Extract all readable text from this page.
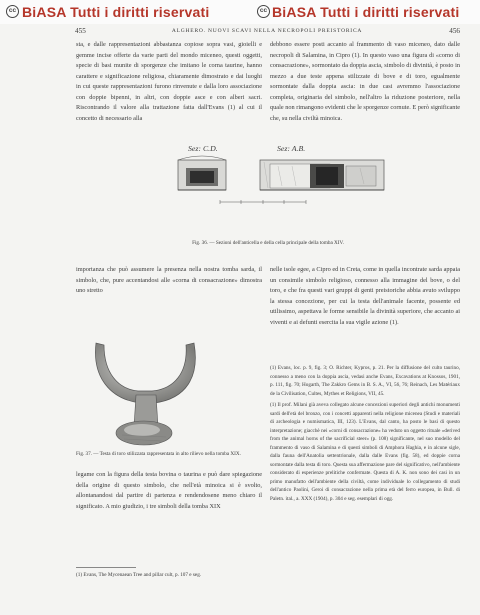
cc BiASA Tutti i diritti riservati	cc BiASA Tutti i diritti riservati
455	ALGHERO. NUOVI SCAVI NELLA NECROPOLI PREISTORICA	456
sta, e dalle rappresentazioni abbastanza copiose sopra vasi, gioielli e gemme incise offerte da varie parti del mondo miceneo, questi oggetti, specie di basi munite di sporgenze che imitano le corna taurine, hanno carattere e significazione religiosa, chiaramente dimostrato e dai luoghi in cui queste rappresentazioni furono rinvenute e dalla loro associazione con doppie bipenni, in altri, con doppie asce e con alberi sacri. Riscontrando il valore alla trattazione fatta dall'Evans (1) al cui il concetto di necessario alla
debbono essere posti accanto al frammento di vaso miceneo, dato dalle necropoli di Salamina, in Cipro (1). In questo vaso una figura di «corno di consacrazione», sormontato da doppia ascia, simbolo di divinità, è posto in mezzo a due teste appena stilizzate di bove e di toro, egualmente sormontate dalla doppia ascia: in due casi avremmo l'associazione completa, originaria del simbolo, nell'altro la riduzione posteriore, nella quale non rimangono evidenti che le sporgenze cornute. E però significante che, su nella civiltà minoica.
Sez: C.D.	Sez: A.B.
Fig. 36. — Sezioni dell'anticella e della cella principale della tomba XIV.
importanza che può assumere la presenza nella nostra tomba sarda, il simbolo, che, pure accentandosi alle «corna di consacrazione» dimostra uno stretto
nelle isole egee, a Cipro ed in Creta, come in quella incontrate sarda appaia un consimile simbolo religioso, connesso alla immagine del bove, o del toro, e che fra questi vari gruppi di genti preistoriche abbia avuto sviluppo la stessa concezione, per cui la testa dell'animale facente, possente ed utilissimo, aspettava le forme sensibile la divinità superiore, che accanto ai viventi e ai defunti esercita la sua vigile azione (1).
Fig. 37. — Testa di toro stilizzata rappresentata in alto rilievo nella tomba XIX.
legame con la figura della testa bovina o taurina e può dare spiegazione della origine di questo simbolo, che nell'età minoica si è svolto, allontanandosi dal partire di partenza e rendendosene meno chiaro il significato. A mio giudizio, i tre simboli della tomba XIX
(1) Evans, The Mycenaean Tree and pillar cult, p. 107 e seg.

(1) Evans, loc. p. 9, fig. 3; O. Richter, Kypros, p. 21. Per la diffusione del culto taurino, connesso a meno con la doppia ascia, vedasi anche Evans, Excavations at Knossos, 1901, p. 111, fig. 70; Hogarth, The Zakkro Gems in B. S. A., VI, 56, 76; Reinach, Les Matériaux de la Civilisation, Cultes, Mythes et Religions, VII, 45.

(1) Il prof. Milani già aveva collegato alcune concezioni superiori degli antichi monumenti sardi dell'età del bronzo, con i concetti apparenti nella religione micenea (Studi e materiali di archeologia e numismatica, III, 123). L'Evans, dal canto, ha posto le basi di questo interpretazione; giacchè nei «corni di consacrazione» ha veduto un oggetto rituale «derived from the animal horns of the sacrificial steer» (p. 108) significante, nel suo modello del frammento di vaso di Salamina e di questi simboli di Amphora Haghia, e in alcune sigle, dalla fauna dell'Anatolia settentrionale, dalla dalle Evans (fig. 58), ed doppie corna sormontate dalla testa di toro. Questa sua affermazione pare del significativo, nell'ambiente considerato di esperienze prelitiche confermate. Questa di A. K. non sono dei casi in un primo manufatto dell'ambiente della civiltà, come individuale lo collegamento di studi dell'antico Paolini, Geroi di consacrazione nella prima età del ferro europea, in Bull. di Paletn. ital., a. XXX (1904), p. 304 e seg. esemplari di ogg.
